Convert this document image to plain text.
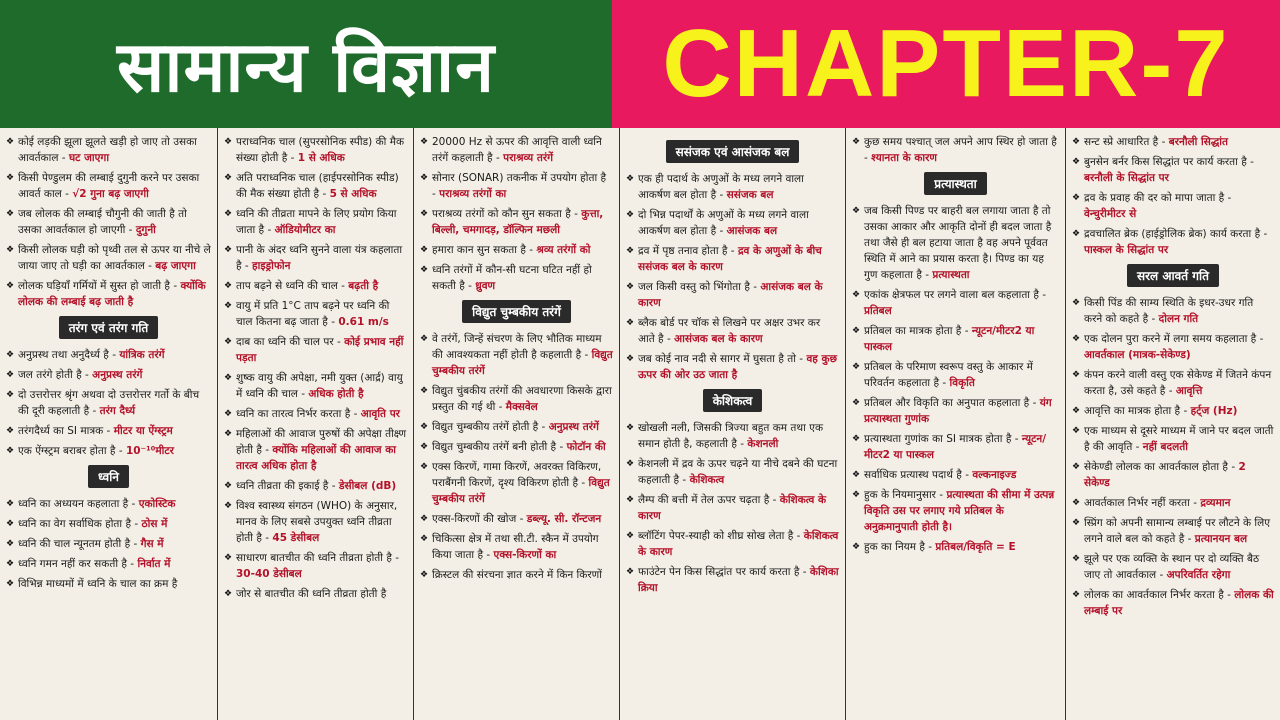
सामान्य विज्ञान CHAPTER-7
❖ कोई लड़की झूला झूलते खड़ी हो जाए तो उसका आवर्तकाल - घट जाएगा
❖ किसी पेण्डुलम की लम्बाई दुगुनी करने पर उसका आवर्त काल - √2 गुना बढ़ जाएगी
❖ जब लोलक की लम्बाई चौगुनी की जाती है तो उसका आवर्तकाल हो जाएगी - दुगुनी
❖ किसी लोलक घड़ी को पृथ्वी तल से ऊपर या नीचे ले जाया जाए तो घड़ी का आवर्तकाल - बढ़ जाएगा
❖ लोलक घड़ियाँ गर्मियों में सुस्त हो जाती है - क्योंकि लोलक की लम्बाई बढ़ जाती है
तरंग एवं तरंग गति
❖ अनुप्रस्थ तथा अनुदैर्ध्य है - यांत्रिक तरंगें
❖ जल तरंगे होती है - अनुप्रस्थ तरंगें
❖ दो उत्तरोत्तर श्रृंग अथवा दो उत्तरोत्तर गर्तो के बीच की दूरी कहलाती है - तरंग दैर्ध्य
❖ तरंगदैर्ध्य का SI मात्रक - मीटर या ऐंग्स्ट्रम
❖ एक ऐंग्स्ट्रम बराबर होता है - 10⁻¹⁰मीटर
ध्वनि
❖ ध्वनि का अध्ययन कहलाता है - एकोस्टिक
❖ ध्वनि का वेग सर्वाधिक होता है - ठोस में
❖ ध्वनि की चाल न्यूनतम होती है - गैस में
❖ ध्वनि गमन नहीं कर सकती है - निर्वात में
❖ विभिन्न माध्यमों में ध्वनि के चाल का क्रम है
❖ पराध्वनिक चाल (सुपरसोनिक स्पीड) की मैक संख्या होती है - 1 से अधिक
❖ अति पराध्वनिक चाल (हाईपरसोनिक स्पीड) की मैक संख्या होती है - 5 से अधिक
❖ ध्वनि की तीव्रता मापने के लिए प्रयोग किया जाता है - ऑडियोमीटर का
❖ पानी के अंदर ध्वनि सुनने वाला यंत्र कहलाता है - हाइड्रोफोन
❖ ताप बढ़ने से ध्वनि की चाल - बढ़ती है
❖ वायु में प्रति 1°C ताप बढ़ने पर ध्वनि की चाल कितना बढ़ जाता है - 0.61 m/s
❖ दाब का ध्वनि की चाल पर - कोई प्रभाव नहीं पड़ता
❖ शुष्क वायु की अपेक्षा, नमी युक्त (आर्द्र) वायु में ध्वनि की चाल - अधिक होती है
❖ ध्वनि का तारत्व निर्भर करता है - आवृति पर
❖ महिलाओं की आवाज पुरुषों की अपेक्षा तीक्ष्ण होती है - क्योंकि महिलाओं की आवाज का तारत्व अधिक होता है
❖ ध्वनि तीव्रता की इकाई है - डेसीबल (dB)
❖ विश्व स्वास्थ्य संगठन (WHO) के अनुसार, मानव के लिए सबसे उपयुक्त ध्वनि तीव्रता होती है - 45 डेसीबल
❖ साधारण बातचीत की ध्वनि तीव्रता होती है - 30-40 डेसीबल
❖ जोर से बातचीत की ध्वनि तीव्रता होती है
❖ 20000 Hz से ऊपर की आवृत्ति वाली ध्वनि तरंगें कहलाती है - पराश्रव्य तरंगें
❖ सोनार (SONAR) तकनीक में उपयोग होता है - पराश्रव्य तरंगों का
❖ पराश्रव्य तरंगों को कौन सुन सकता है - कुत्ता, बिल्ली, चमगादड़, डॉल्फिन मछली
❖ हमारा कान सुन सकता है - श्रव्य तरंगों को
❖ ध्वनि तरंगों में कौन-सी घटना घटित नहीं हो सकती है - ध्रुवण
विद्युत चुम्बकीय तरंगें
❖ वे तरंगें, जिन्हें संचरण के लिए भौतिक माध्यम की आवश्यकता नहीं होती है कहलाती है - विद्युत चुम्बकीय तरंगें
❖ विद्युत चुंबकीय तरंगों की अवधारणा किसके द्वारा प्रस्तुत की गई थी - मैक्सवेल
❖ विद्युत चुम्बकीय तरंगें होती है - अनुप्रस्थ तरंगें
❖ विद्युत चुम्बकीय तरंगें बनी होती है - फोटॉन की
❖ एक्स किरणें, गामा किरणें, अवरक्त विकिरण, पराबैंगनी किरणें, दृश्य विकिरण होती है - विद्युत चुम्बकीय तरंगें
❖ एक्स-किरणों की खोज - डब्ल्यू. सी. रॉन्टजन
❖ चिकित्सा क्षेत्र में तथा सी.टी. स्कैन में उपयोग किया जाता है - एक्स-किरणों का
❖ क्रिस्टल की संरचना ज्ञात करने में किन किरणों
ससंजक एवं आसंजक बल
❖ एक ही पदार्थ के अणुओं के मध्य लगने वाला आकर्षण बल होता है - ससंजक बल
❖ दो भिन्न पदार्थों के अणुओं के मध्य लगने वाला आकर्षण बल होता है - आसंजक बल
❖ द्रव में पृष्ठ तनाव होता है - द्रव के अणुओं के बीच ससंजक बल के कारण
❖ जल किसी वस्तु को भिंगोता है - आसंजक बल के कारण
❖ ब्लैक बोर्ड पर चॉक से लिखने पर अक्षर उभर कर आते है - आसंजक बल के कारण
❖ जब कोई नाव नदी से सागर में घुसता है तो - वह कुछ ऊपर की ओर उठ जाता है
केशिकत्व
❖ खोखली नली, जिसकी त्रिज्या बहुत कम तथा एक समान होती है, कहलाती है - केशनली
❖ केशनली में द्रव के ऊपर चढ़ने या नीचे दबने की घटना कहलाती है - केशिकत्व
❖ लैम्प की बत्ती में तेल ऊपर चढ़ता है - केशिकत्व के कारण
❖ ब्लॉटिंग पेपर-स्याही को शीघ्र सोख लेता है - केशिकत्व के कारण
❖ फाउंटेन पेन किस सिद्धांत पर कार्य करता है - केशिका क्रिया
❖ कुछ समय पश्चात् जल अपने आप स्थिर हो जाता है - श्यानता के कारण
प्रत्यास्थता
❖ जब किसी पिण्ड पर बाहरी बल लगाया जाता है तो उसका आकार और आकृति दोनों ही बदल जाता है तथा जैसे ही बल हटाया जाता है वह अपने पूर्ववत स्थिति में आने का प्रयास करता है। पिण्ड का यह गुण कहलाता है - प्रत्यास्थता
❖ एकांक क्षेत्रफल पर लगने वाला बल कहलाता है - प्रतिबल
❖ प्रतिबल का मात्रक होता है - न्यूटन/मीटर2 या पास्कल
❖ प्रतिबल के परिमाण स्वरूप वस्तु के आकार में परिवर्तन कहलाता है - विकृति
❖ प्रतिबल और विकृति का अनुपात कहलाता है - यंग प्रत्यास्थता गुणांक
❖ प्रत्यास्थता गुणांक का SI मात्रक होता है - न्यूटन/मीटर2 या पास्कल
❖ सर्वाधिक प्रत्यास्थ पदार्थ है - वल्कनाइज्ड
❖ हुक के नियमानुसार - प्रत्यास्थता की सीमा में उत्पन्न विकृति उस पर लगाए गये प्रतिबल के अनुक्रमानुपाती होती है।
❖ हुक का नियम है - प्रतिबल/विकृति = E
❖ सन्ट स्प्रे आधारित है - बरनौली सिद्धांत
❖ बुनसेन बर्नर किस सिद्धांत पर कार्य करता है - बरनौली के सिद्धांत पर
❖ द्रव के प्रवाह की दर को मापा जाता है - वेन्चुरीमीटर से
❖ द्रवचालित ब्रेक (हाईड्रोलिक ब्रेक) कार्य करता है - पास्कल के सिद्धांत पर
सरल आवर्त गति
❖ किसी पिंड की साम्य स्थिति के इधर-उधर गति करने को कहते है - दोलन गति
❖ एक दोलन पुरा करने में लगा समय कहलाता है - आवर्तकाल (मात्रक-सेकेण्ड)
❖ कंपन करने वाली वस्तु एक सेकेण्ड में जितने कंपन करता है, उसे कहते है - आवृत्ति
❖ आवृत्ति का मात्रक होता है - हर्ट्ज (Hz)
❖ एक माध्यम से दूसरे माध्यम में जाने पर बदल जाती है की आवृति - नहीं बदलती
❖ सेकेण्डी लोलक का आवर्तकाल होता है - 2 सेकेण्ड
❖ आवर्तकाल निर्भर नहीं करता - द्रव्यमान
❖ स्प्रिंग को अपनी सामान्य लम्बाई पर लौटने के लिए लगने वाले बल को कहते है - प्रत्यानयन बल
❖ झूले पर एक व्यक्ति के स्थान पर दो व्यक्ति बैठ जाए तो आवर्तकाल - अपरिवर्तित रहेगा
❖ लोलक का आवर्तकाल निर्भर करता है - लोलक की लम्बाई पर
